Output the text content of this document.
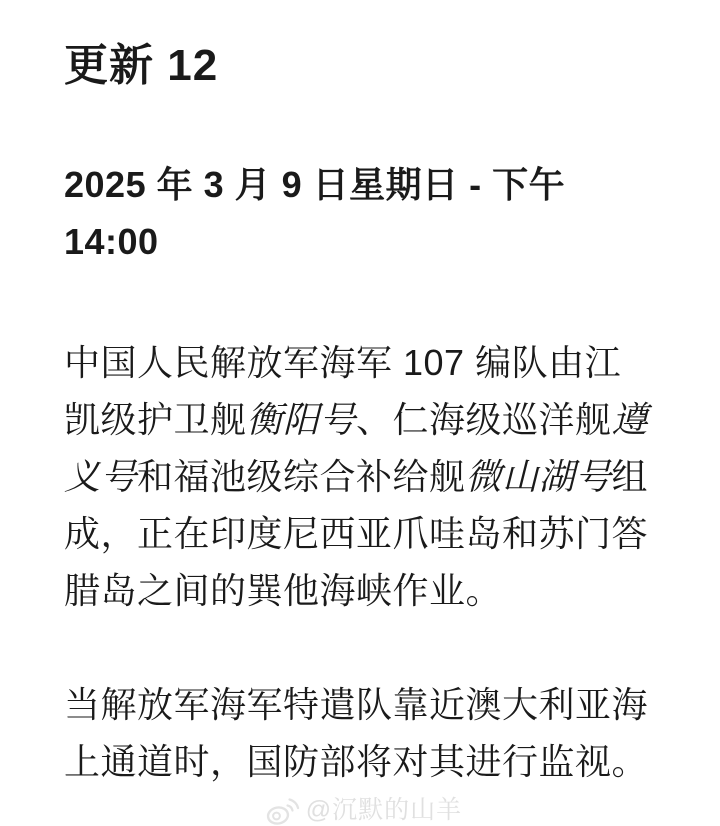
更新 12
2025 年 3 月 9 日星期日 - 下午
14:00

中国人民解放军海军 107 编队由江
凯级护卫舰衡阳号、仁海级巡洋舰遵
义号和福池级综合补给舰微山湖号组
成，正在印度尼西亚爪哇岛和苏门答
腊岛之间的巽他海峡作业。

当解放军海军特遣队靠近澳大利亚海
上通道时，国防部将对其进行监视。

@沉默的山羊
